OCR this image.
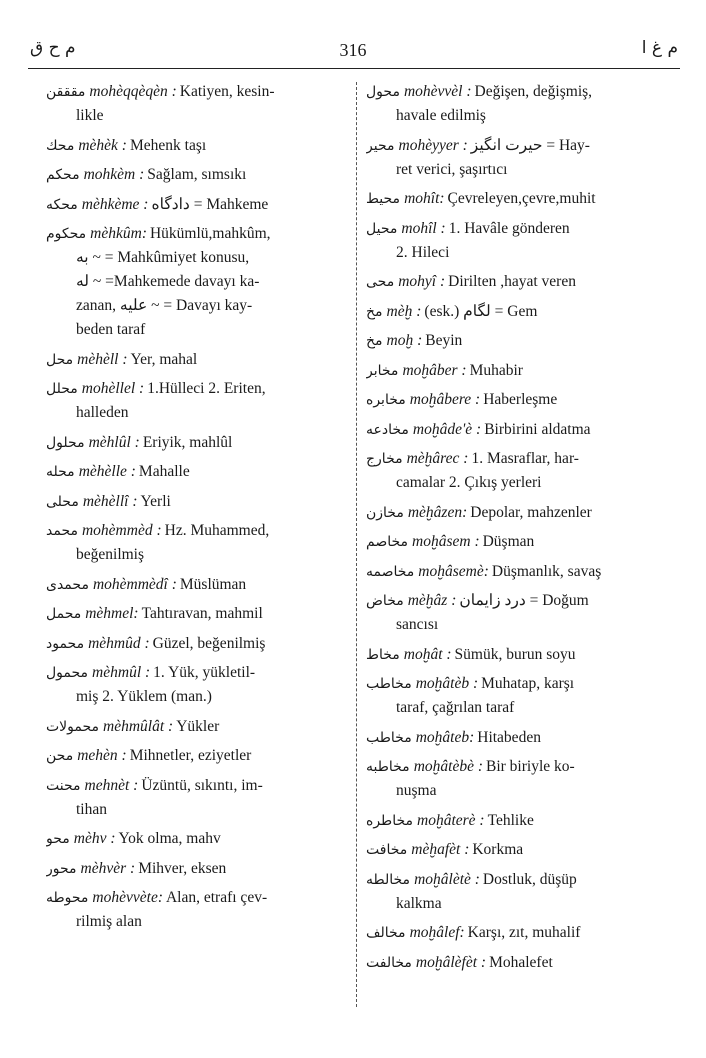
م ح ق	316	م غ ا
مقققن mohèqqèqèn : Katiyen, kesin-
likle
محك mèhèk : Mehenk taşı
محكم mohkèm : Sağlam, sımsıkı
محكه mèhkème : دادگاه = Mahkeme
محكوم mèhkûm: Hükümlü,mahkûm,
به ~ = Mahkûmiyet konusu,
له ~ =Mahkemede davayı ka-
zanan, عليه ~ = Davayı kay-
beden taraf
محل mèhèll : Yer, mahal
محلل mohèllel : 1.Hülleci 2. Eriten,
halleden
محلول mèhlûl : Eriyik, mahlûl
محله mèhèlle : Mahalle
محلى mèhèllî : Yerli
محمد mohèmmèd : Hz. Muhammed,
beğenilmiş
محمدى mohèmmèdî : Müslüman
محمل mèhmel: Tahtıravan, mahmil
محمود mèhmûd : Güzel, beğenilmiş
محمول mèhmûl : 1. Yük, yükletil-
miş 2. Yüklem (man.)
محمولات mèhmûlât : Yükler
محن mehèn : Mihnetler, eziyetler
محنت mehnèt : Üzüntü, sıkıntı, im-
tihan
محو mèhv : Yok olma, mahv
محور mèhvèr : Mihver, eksen
محوطه mohèvvète: Alan, etrafı çev-
rilmiş alan
محول mohèvvèl : Değişen, değişmiş,
havale edilmiş
محير mohèyyer : حيرت انگيز = Hay-
ret verici, şaşırtıcı
محيط mohît: Çevreleyen,çevre,muhit
محيل mohîl : 1. Havâle gönderen
2. Hileci
محى mohyî : Dirilten ,hayat veren
مخ mèḫ : (esk.) لگام = Gem
مخ moḫ : Beyin
مخابر moḫâber : Muhabir
مخابره moḫâbere : Haberleşme
مخادعه moḫâde'è : Birbirini aldatma
مخارج mèḫârec : 1. Masraflar, har-
camalar 2. Çıkış yerleri
مخازن mèḫâzen: Depolar, mahzenler
مخاصم moḫâsem : Düşman
مخاصمه moḫâsemè: Düşmanlık, savaş
مخاض mèḫâz : درد زايمان = Doğum
sancısı
مخاط moḫât : Sümük, burun soyu
مخاطب moḫâtèb : Muhatap, karşı
taraf, çağrılan taraf
مخاطب moḫâteb: Hitabeden
مخاطبه moḫâtèbè : Bir biriyle ko-
nuşma
مخاطره moḫâterè : Tehlike
مخافت mèḫafèt : Korkma
مخالطه moḫâlètè : Dostluk, düşüp
kalkma
مخالف moḫâlef: Karşı, zıt, muhalif
مخالفت moḫâlèfèt : Mohalefet
